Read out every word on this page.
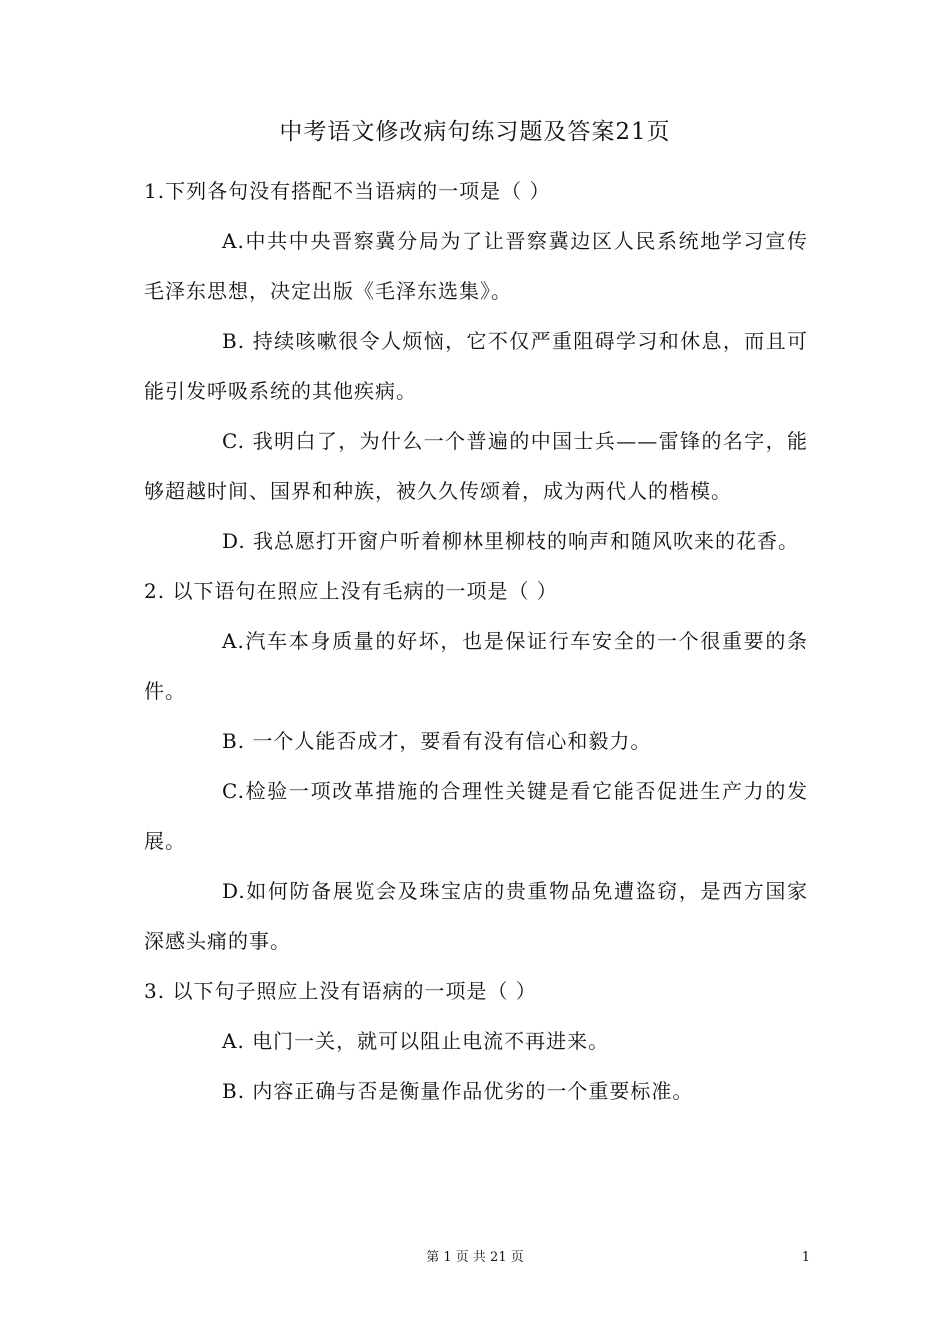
中考语文修改病句练习题及答案21页

1.下列各句没有搭配不当语病的一项是（ ）

A.中共中央晋察冀分局为了让晋察冀边区人民系统地学习宣传毛泽东思想，决定出版《毛泽东选集》。

B. 持续咳嗽很令人烦恼，它不仅严重阻碍学习和休息，而且可能引发呼吸系统的其他疾病。

C. 我明白了，为什么一个普遍的中国士兵——雷锋的名字，能够超越时间、国界和种族，被久久传颂着，成为两代人的楷模。

D. 我总愿打开窗户听着柳林里柳枝的响声和随风吹来的花香。

2. 以下语句在照应上没有毛病的一项是（ ）

A.汽车本身质量的好坏，也是保证行车安全的一个很重要的条件。

B. 一个人能否成才，要看有没有信心和毅力。

C.检验一项改革措施的合理性关键是看它能否促进生产力的发展。

D.如何防备展览会及珠宝店的贵重物品免遭盗窃，是西方国家深感头痛的事。

3. 以下句子照应上没有语病的一项是（ ）

A. 电门一关，就可以阻止电流不再进来。

B. 内容正确与否是衡量作品优劣的一个重要标准。

第 1 页 共 21 页	1
